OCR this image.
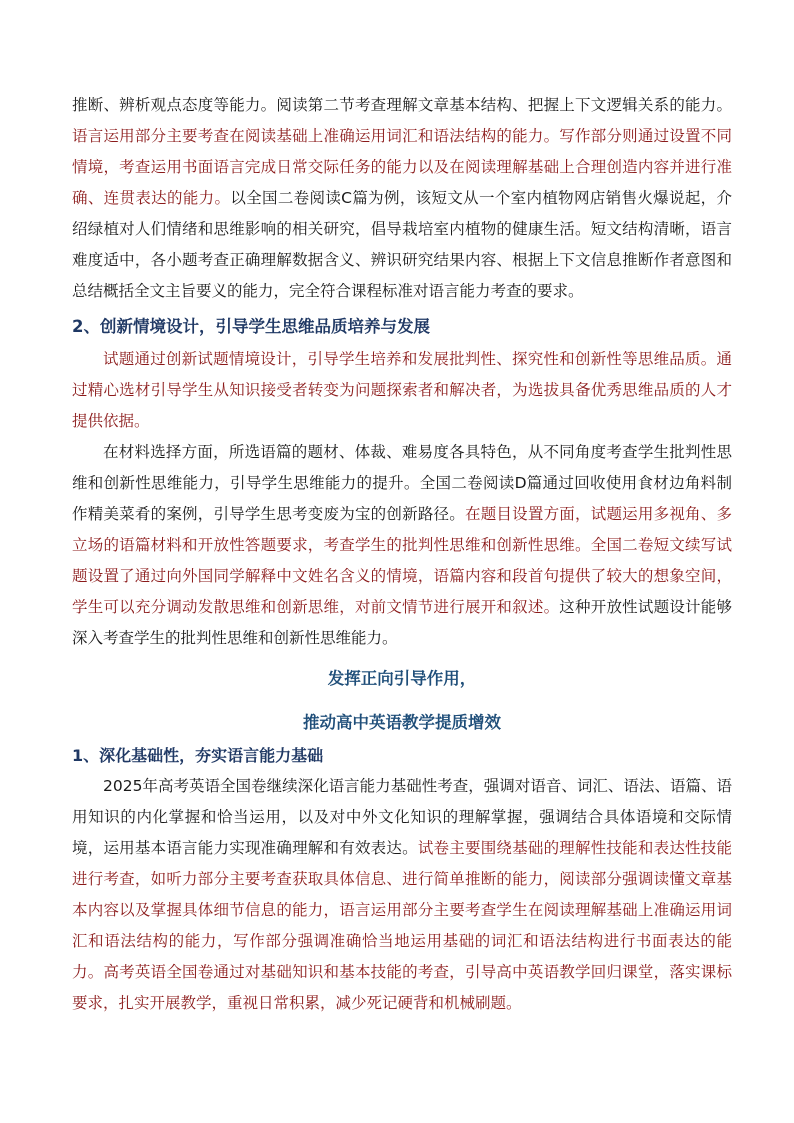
推断、辨析观点态度等能力。阅读第二节考查理解文章基本结构、把握上下文逻辑关系的能力。语言运用部分主要考查在阅读基础上准确运用词汇和语法结构的能力。写作部分则通过设置不同情境，考查运用书面语言完成日常交际任务的能力以及在阅读理解基础上合理创造内容并进行准确、连贯表达的能力。以全国二卷阅读C篇为例，该短文从一个室内植物网店销售火爆说起，介绍绿植对人们情绪和思维影响的相关研究，倡导栽培室内植物的健康生活。短文结构清晰，语言难度适中，各小题考查正确理解数据含义、辨识研究结果内容、根据上下文信息推断作者意图和总结概括全文主旨要义的能力，完全符合课程标准对语言能力考查的要求。

2、创新情境设计，引导学生思维品质培养与发展

试题通过创新试题情境设计，引导学生培养和发展批判性、探究性和创新性等思维品质。通过精心选材引导学生从知识接受者转变为问题探索者和解决者，为选拔具备优秀思维品质的人才提供依据。

在材料选择方面，所选语篇的题材、体裁、难易度各具特色，从不同角度考查学生批判性思维和创新性思维能力，引导学生思维能力的提升。全国二卷阅读D篇通过回收使用食材边角料制作精美菜肴的案例，引导学生思考变废为宝的创新路径。在题目设置方面，试题运用多视角、多立场的语篇材料和开放性答题要求，考查学生的批判性思维和创新性思维。全国二卷短文续写试题设置了通过向外国同学解释中文姓名含义的情境，语篇内容和段首句提供了较大的想象空间，学生可以充分调动发散思维和创新思维，对前文情节进行展开和叙述。这种开放性试题设计能够深入考查学生的批判性思维和创新性思维能力。

发挥正向引导作用，
推动高中英语教学提质增效
1、深化基础性，夯实语言能力基础

2025年高考英语全国卷继续深化语言能力基础性考查，强调对语音、词汇、语法、语篇、语用知识的内化掌握和恰当运用，以及对中外文化知识的理解掌握，强调结合具体语境和交际情境，运用基本语言能力实现准确理解和有效表达。试卷主要围绕基础的理解性技能和表达性技能进行考查，如听力部分主要考查获取具体信息、进行简单推断的能力，阅读部分强调读懂文章基本内容以及掌握具体细节信息的能力，语言运用部分主要考查学生在阅读理解基础上准确运用词汇和语法结构的能力，写作部分强调准确恰当地运用基础的词汇和语法结构进行书面表达的能力。高考英语全国卷通过对基础知识和基本技能的考查，引导高中英语教学回归课堂，落实课标要求，扎实开展教学，重视日常积累，减少死记硬背和机械刷题。
